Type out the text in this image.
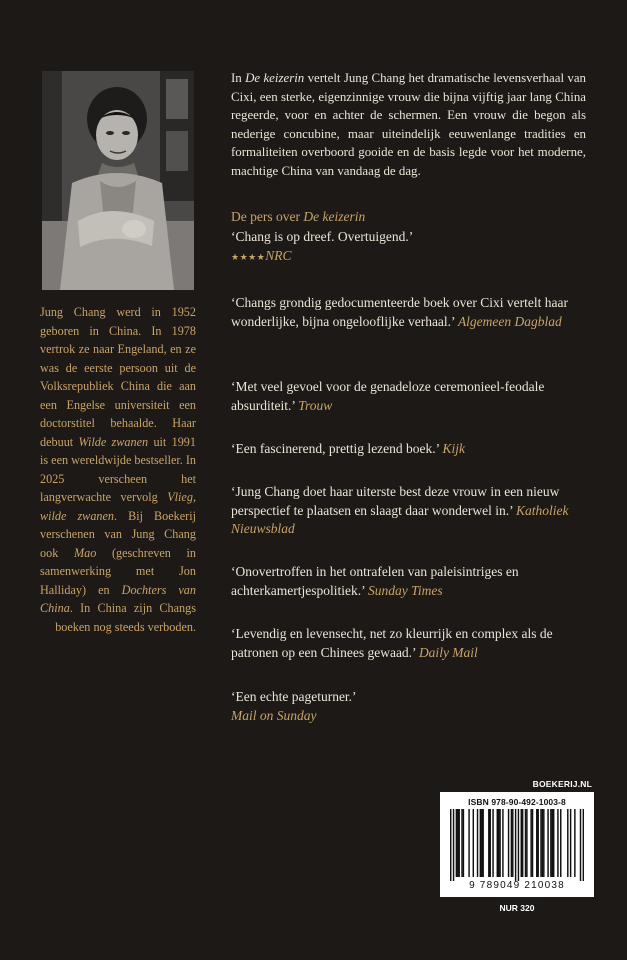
Jung Chang werd in 1952 geboren in China. In 1978 vertrok ze naar Engeland, en ze was de eerste persoon uit de Volksrepubliek China die aan een Engelse universiteit een doctorstitel behaalde. Haar debuut Wilde zwanen uit 1991 is een wereldwijde bestseller. In 2025 verscheen het langverwachte vervolg Vlieg, wilde zwanen. Bij Boekerij verschenen van Jung Chang ook Mao (geschreven in samenwerking met Jon Halliday) en Dochters van China. In China zijn Changs boeken nog steeds verboden.

In De keizerin vertelt Jung Chang het dramatische levensverhaal van Cixi, een sterke, eigenzinnige vrouw die bijna vijftig jaar lang China regeerde, voor en achter de schermen. Een vrouw die begon als nederige concubine, maar uiteindelijk eeuwenlange tradities en formaliteiten overboord gooide en de basis legde voor het moderne, machtige China van vandaag de dag.

De pers over De keizerin
‘Chang is op dreef. Overtuigend.’
★★★★NRC
‘Changs grondig gedocumenteerde boek over Cixi vertelt haar wonderlijke, bijna ongelooflijke verhaal.’ Algemeen Dagblad
‘Met veel gevoel voor de genadeloze ceremonieel-feodale absurditeit.’ Trouw
‘Een fascinerend, prettig lezend boek.’ Kijk
‘Jung Chang doet haar uiterste best deze vrouw in een nieuw perspectief te plaatsen en slaagt daar wonderwel in.’ Katholiek Nieuwsblad
‘Onovertroffen in het ontrafelen van paleisintriges en achterkamertjespolitiek.’ Sunday Times
‘Levendig en levensecht, net zo kleurrijk en complex als de patronen op een Chinees gewaad.’ Daily Mail
‘Een echte pageturner.’
Mail on Sunday
BOEKERIJ.NL
ISBN 978-90-492-1003-8
9 789049 210038
NUR 320
